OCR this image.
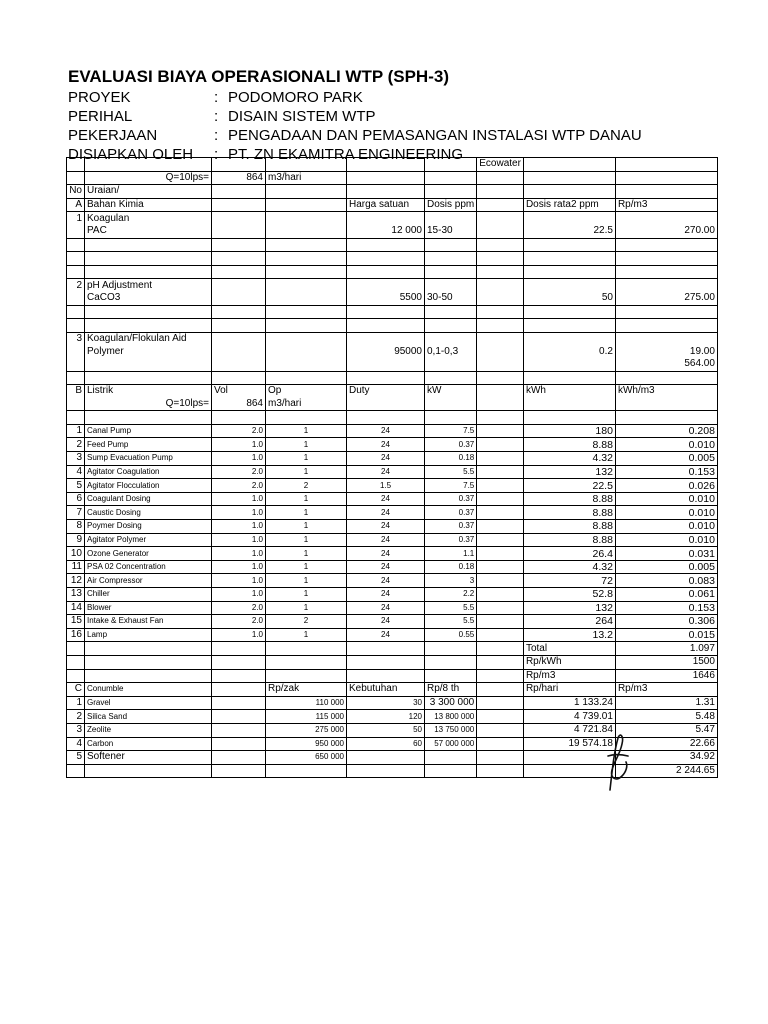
EVALUASI BIAYA OPERASIONALI WTP (SPH-3)
PROYEK	: PODOMORO PARK
PERIHAL	: DISAIN SISTEM WTP
PEKERJAAN	: PENGADAAN DAN PEMASANGAN INSTALASI WTP DANAU
DISIAPKAN OLEH : PT. ZN EKAMITRA ENGINEERING
						Ecowater		
	Q=10lps=	864	m3/hari					
No	Uraian/							
A	Bahan Kimia			Harga satuan	Dosis ppm		Dosis rata2 ppm	Rp/m3
1	Koagulan							
	PAC			12 000	15-30		22.5	270.00

2	pH Adjustment							
	CaCO3			5500	30-50		50	275.00

3	Koagulan/Flokulan Aid							
	Polymer			95000	0,1-0,3		0.2	19.00
								564.00

B	Listrik	Vol	Op	Duty	kW		kWh	kWh/m3
	Q=10lps=	864	m3/hari					

1	Canal Pump	2.0	1	24	7.5		180	0.208
2	Feed Pump	1.0	1	24	0.37		8.88	0.010
3	Sump Evacuation Pump	1.0	1	24	0.18		4.32	0.005
4	Agitator Coagulation	2.0	1	24	5.5		132	0.153
5	Agitator Flocculation	2.0	2	1.5	7.5		22.5	0.026
6	Coagulant Dosing	1.0	1	24	0.37		8.88	0.010
7	Caustic Dosing	1.0	1	24	0.37		8.88	0.010
8	Poymer Dosing	1.0	1	24	0.37		8.88	0.010
9	Agitator Polymer	1.0	1	24	0.37		8.88	0.010
10	Ozone Generator	1.0	1	24	1.1		26.4	0.031
11	PSA 02 Concentration	1.0	1	24	0.18		4.32	0.005
12	Air Compressor	1.0	1	24	3		72	0.083
13	Chiller	1.0	1	24	2.2		52.8	0.061
14	Blower	2.0	1	24	5.5		132	0.153
15	Intake & Exhaust Fan	2.0	2	24	5.5		264	0.306
16	Lamp	1.0	1	24	0.55		13.2	0.015
							Total	1.097
							Rp/kWh	1500
							Rp/m3	1646
C	Conumble		Rp/zak	Kebutuhan	Rp/8 th		Rp/hari	Rp/m3
1	Gravel		110 000	30	3 300 000		1 133.24	1.31
2	Silica Sand		115 000	120	13 800 000		4 739.01	5.48
3	Zeolite		275 000	50	13 750 000		4 721.84	5.47
4	Carbon		950 000	60	57 000 000		19 574.18	22.66
5	Softener		650 000					34.92
								2 244.65
